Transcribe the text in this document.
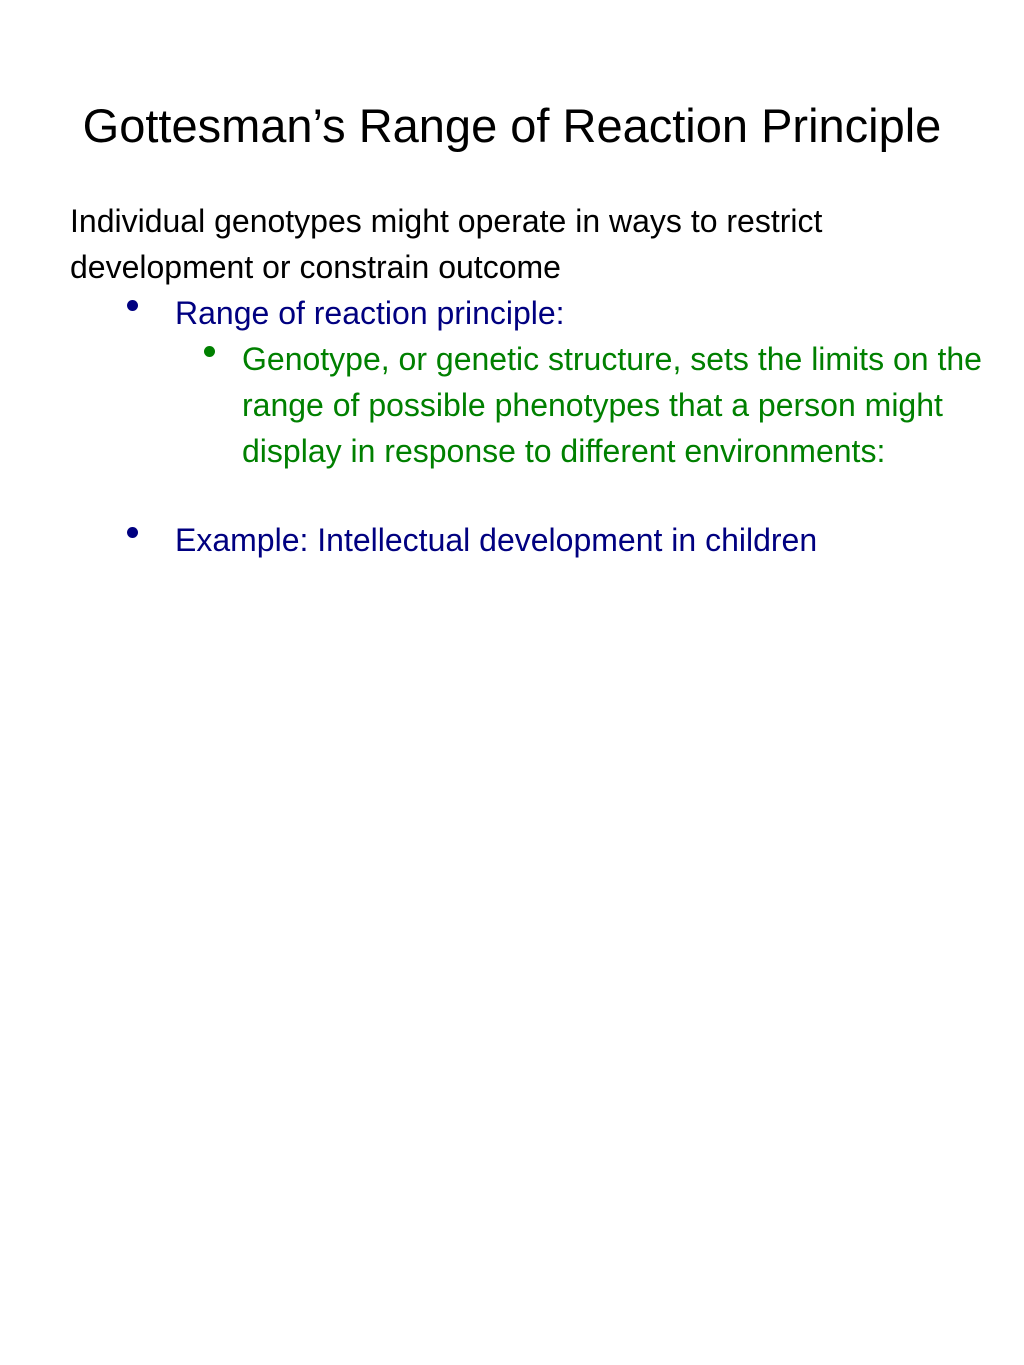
Gottesman’s Range of Reaction Principle
Individual genotypes might operate in ways to restrict development or constrain outcome
Range of reaction principle:
Genotype, or genetic structure, sets the limits on the range of possible phenotypes that a person might display in response to different environments:
Example: Intellectual development in children
